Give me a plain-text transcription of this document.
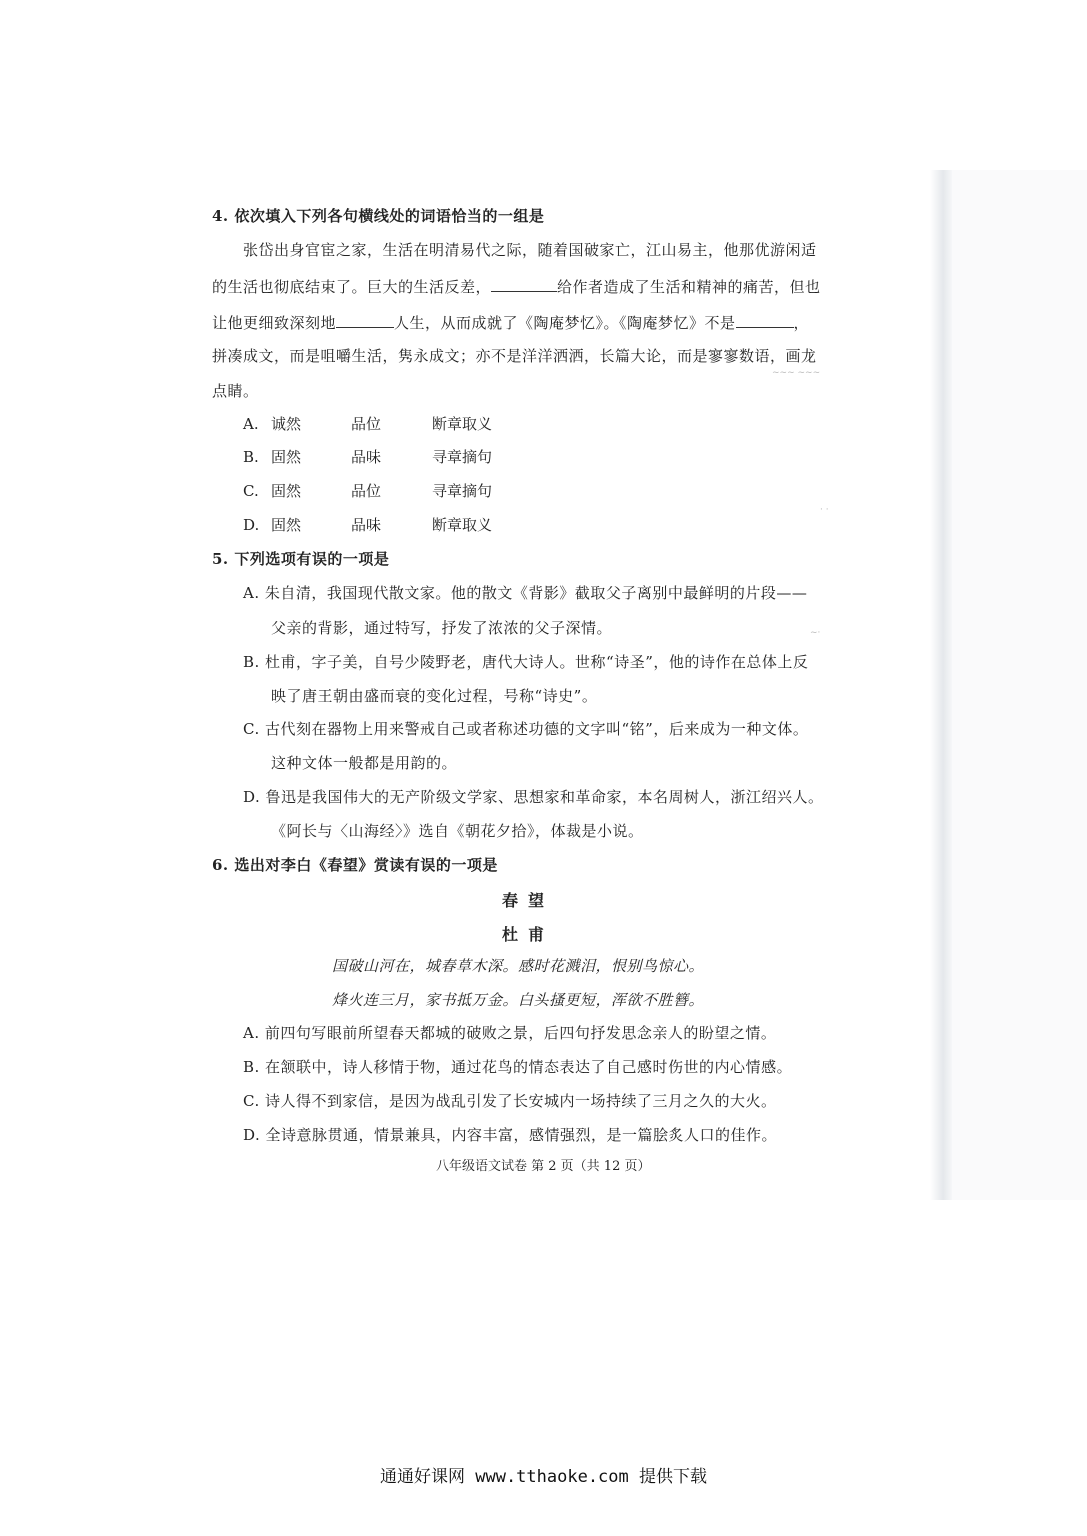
4. 依次填入下列各句横线处的词语恰当的一组是
张岱出身官宦之家，生活在明清易代之际，随着国破家亡，江山易主，他那优游闲适
的生活也彻底结束了。巨大的生活反差，	给作者造成了生活和精神的痛苦，但也
让他更细致深刻地	人生，从而成就了《陶庵梦忆》。《陶庵梦忆》不是	，
拼凑成文，而是咀嚼生活，隽永成文；亦不是洋洋洒洒，长篇大论，而是寥寥数语，画龙
点睛。
A. 诚然	品位	断章取义
B. 固然	品味	寻章摘句
C. 固然	品位	寻章摘句
D. 固然	品味	断章取义
5. 下列选项有误的一项是
A. 朱自清，我国现代散文家。他的散文《背影》截取父子离别中最鲜明的片段——
父亲的背影，通过特写，抒发了浓浓的父子深情。
B. 杜甫，字子美，自号少陵野老，唐代大诗人。世称“诗圣”，他的诗作在总体上反
映了唐王朝由盛而衰的变化过程，号称“诗史”。
C. 古代刻在器物上用来警戒自己或者称述功德的文字叫“铭”，后来成为一种文体。
这种文体一般都是用韵的。
D. 鲁迅是我国伟大的无产阶级文学家、思想家和革命家，本名周树人，浙江绍兴人。
《阿长与〈山海经〉》选自《朝花夕拾》，体裁是小说。
6. 选出对李白《春望》赏读有误的一项是
春望
杜甫
国破山河在，城春草木深。感时花溅泪，恨别鸟惊心。
烽火连三月，家书抵万金。白头搔更短，浑欲不胜簪。
A. 前四句写眼前所望春天都城的破败之景，后四句抒发思念亲人的盼望之情。
B. 在颔联中，诗人移情于物，通过花鸟的情态表达了自己感时伤世的内心情感。
C. 诗人得不到家信，是因为战乱引发了长安城内一场持续了三月之久的大火。
D. 全诗意脉贯通，情景兼具，内容丰富，感情强烈，是一篇脍炙人口的佳作。
八年级语文试卷 第 2 页（共 12 页）
通通好课网 www.tthaoke.com 提供下载
~~~ ~~~
· ·
~·
